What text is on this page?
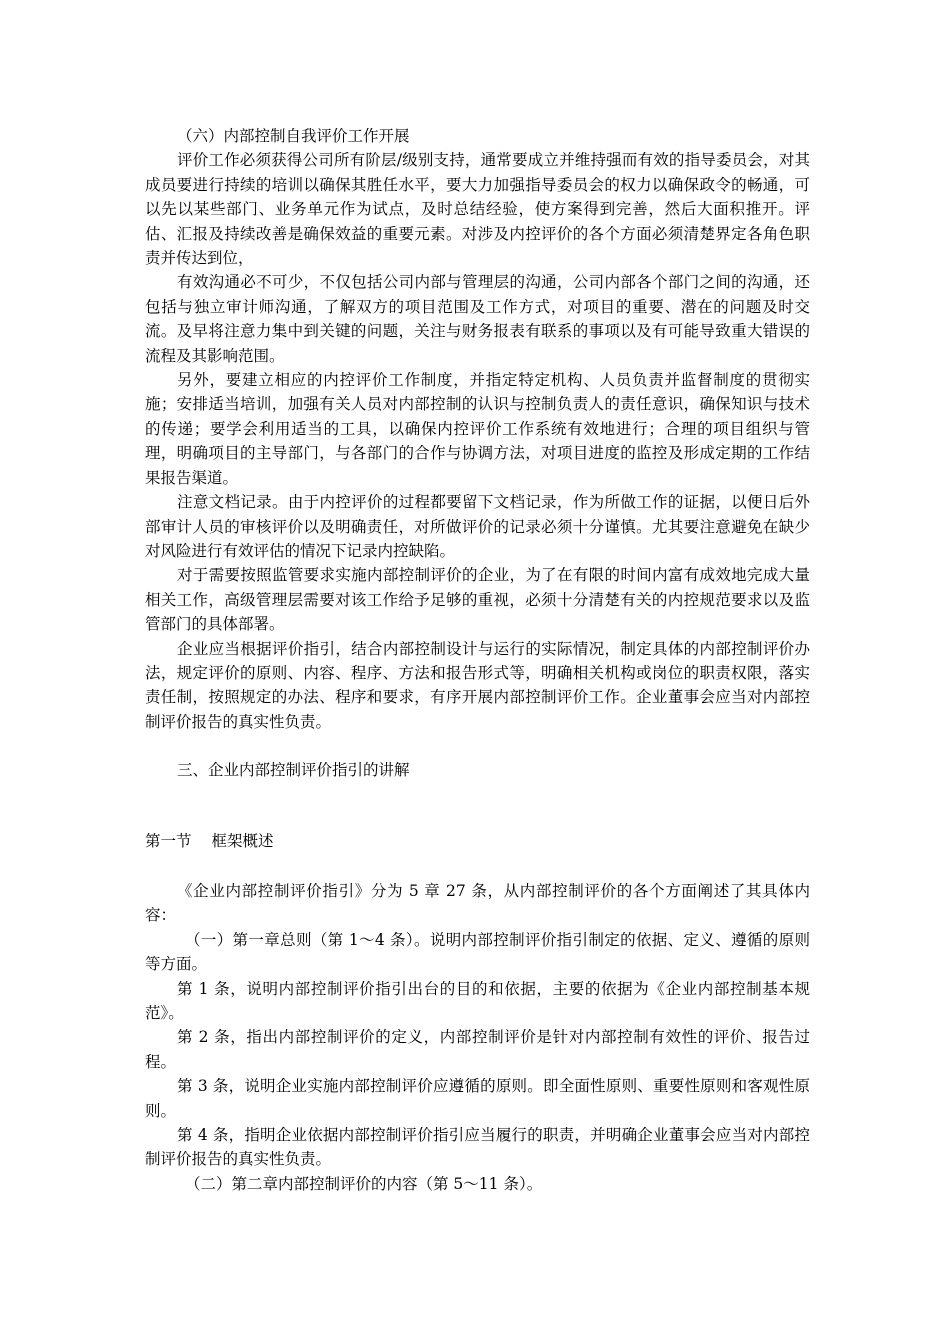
（六）内部控制自我评价工作开展

评价工作必须获得公司所有阶层/级别支持，通常要成立并维持强而有效的指导委员会，对其成员要进行持续的培训以确保其胜任水平，要大力加强指导委员会的权力以确保政令的畅通，可以先以某些部门、业务单元作为试点，及时总结经验，使方案得到完善，然后大面积推开。评估、汇报及持续改善是确保效益的重要元素。对涉及内控评价的各个方面必须清楚界定各角色职责并传达到位，

有效沟通必不可少，不仅包括公司内部与管理层的沟通，公司内部各个部门之间的沟通，还包括与独立审计师沟通，了解双方的项目范围及工作方式，对项目的重要、潜在的问题及时交流。及早将注意力集中到关键的问题，关注与财务报表有联系的事项以及有可能导致重大错误的流程及其影响范围。

另外，要建立相应的内控评价工作制度，并指定特定机构、人员负责并监督制度的贯彻实施；安排适当培训，加强有关人员对内部控制的认识与控制负责人的责任意识，确保知识与技术的传递；要学会利用适当的工具，以确保内控评价工作系统有效地进行；合理的项目组织与管理，明确项目的主导部门，与各部门的合作与协调方法，对项目进度的监控及形成定期的工作结果报告渠道。

注意文档记录。由于内控评价的过程都要留下文档记录，作为所做工作的证据，以便日后外部审计人员的审核评价以及明确责任，对所做评价的记录必须十分谨慎。尤其要注意避免在缺少对风险进行有效评估的情况下记录内控缺陷。

对于需要按照监管要求实施内部控制评价的企业，为了在有限的时间内富有成效地完成大量相关工作，高级管理层需要对该工作给予足够的重视，必须十分清楚有关的内控规范要求以及监管部门的具体部署。

企业应当根据评价指引，结合内部控制设计与运行的实际情况，制定具体的内部控制评价办法，规定评价的原则、内容、程序、方法和报告形式等，明确相关机构或岗位的职责权限，落实责任制，按照规定的办法、程序和要求，有序开展内部控制评价工作。企业董事会应当对内部控制评价报告的真实性负责。

三、企业内部控制评价指引的讲解

第一节 框架概述

《企业内部控制评价指引》分为 5 章 27 条，从内部控制评价的各个方面阐述了其具体内容：

（一）第一章总则（第 1～4 条）。说明内部控制评价指引制定的依据、定义、遵循的原则等方面。

第 1 条，说明内部控制评价指引出台的目的和依据，主要的依据为《企业内部控制基本规范》。

第 2 条，指出内部控制评价的定义，内部控制评价是针对内部控制有效性的评价、报告过程。

第 3 条，说明企业实施内部控制评价应遵循的原则。即全面性原则、重要性原则和客观性原则。

第 4 条，指明企业依据内部控制评价指引应当履行的职责，并明确企业董事会应当对内部控制评价报告的真实性负责。

（二）第二章内部控制评价的内容（第 5～11 条）。
